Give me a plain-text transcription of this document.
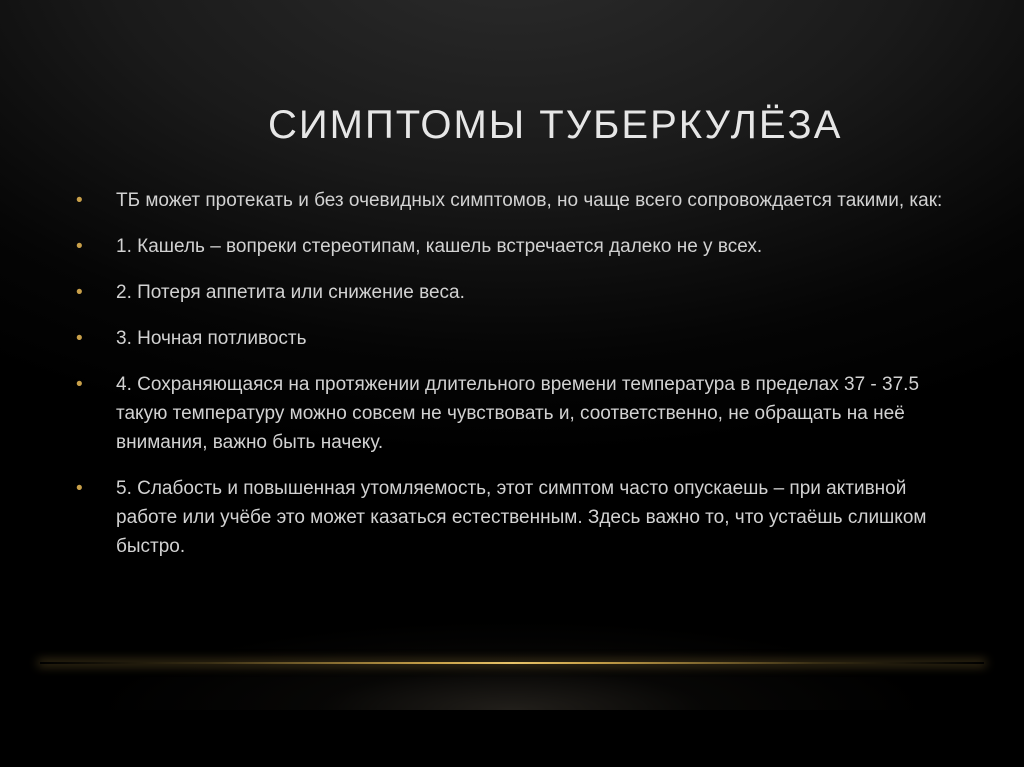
СИМПТОМЫ ТУБЕРКУЛЁЗА
• ТБ может протекать и без очевидных симптомов, но чаще всего сопровождается такими, как:
• 1. Кашель – вопреки стереотипам, кашель встречается далеко не у всех.
• 2. Потеря аппетита или снижение веса.
• 3. Ночная потливость
• 4. Сохраняющаяся на протяжении длительного времени температура в пределах 37 - 37.5 такую температуру можно совсем не чувствовать и, соответственно, не обращать на неё внимания, важно быть начеку.
• 5. Слабость и повышенная утомляемость, этот симптом часто опускаешь – при активной работе или учёбе это может казаться естественным. Здесь важно то, что устаёшь слишком быстро.
